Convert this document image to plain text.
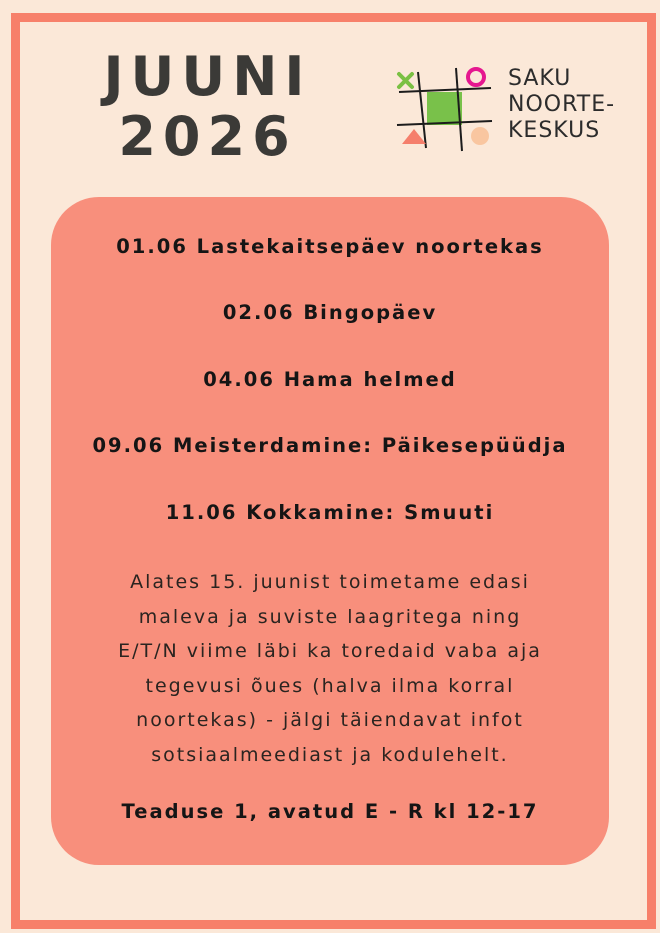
JUUNI
2026
SAKU
NOORTE-
KESKUS
01.06 Lastekaitsepäev noortekas
02.06 Bingopäev
04.06 Hama helmed
09.06 Meisterdamine: Päikesepüüdja
11.06 Kokkamine: Smuuti
Alates 15. juunist toimetame edasi
maleva ja suviste laagritega ning
E/T/N viime läbi ka toredaid vaba aja
tegevusi õues (halva ilma korral
noortekas) - jälgi täiendavat infot
sotsiaalmeediast ja kodulehelt.
Teaduse 1, avatud E - R kl 12-17
